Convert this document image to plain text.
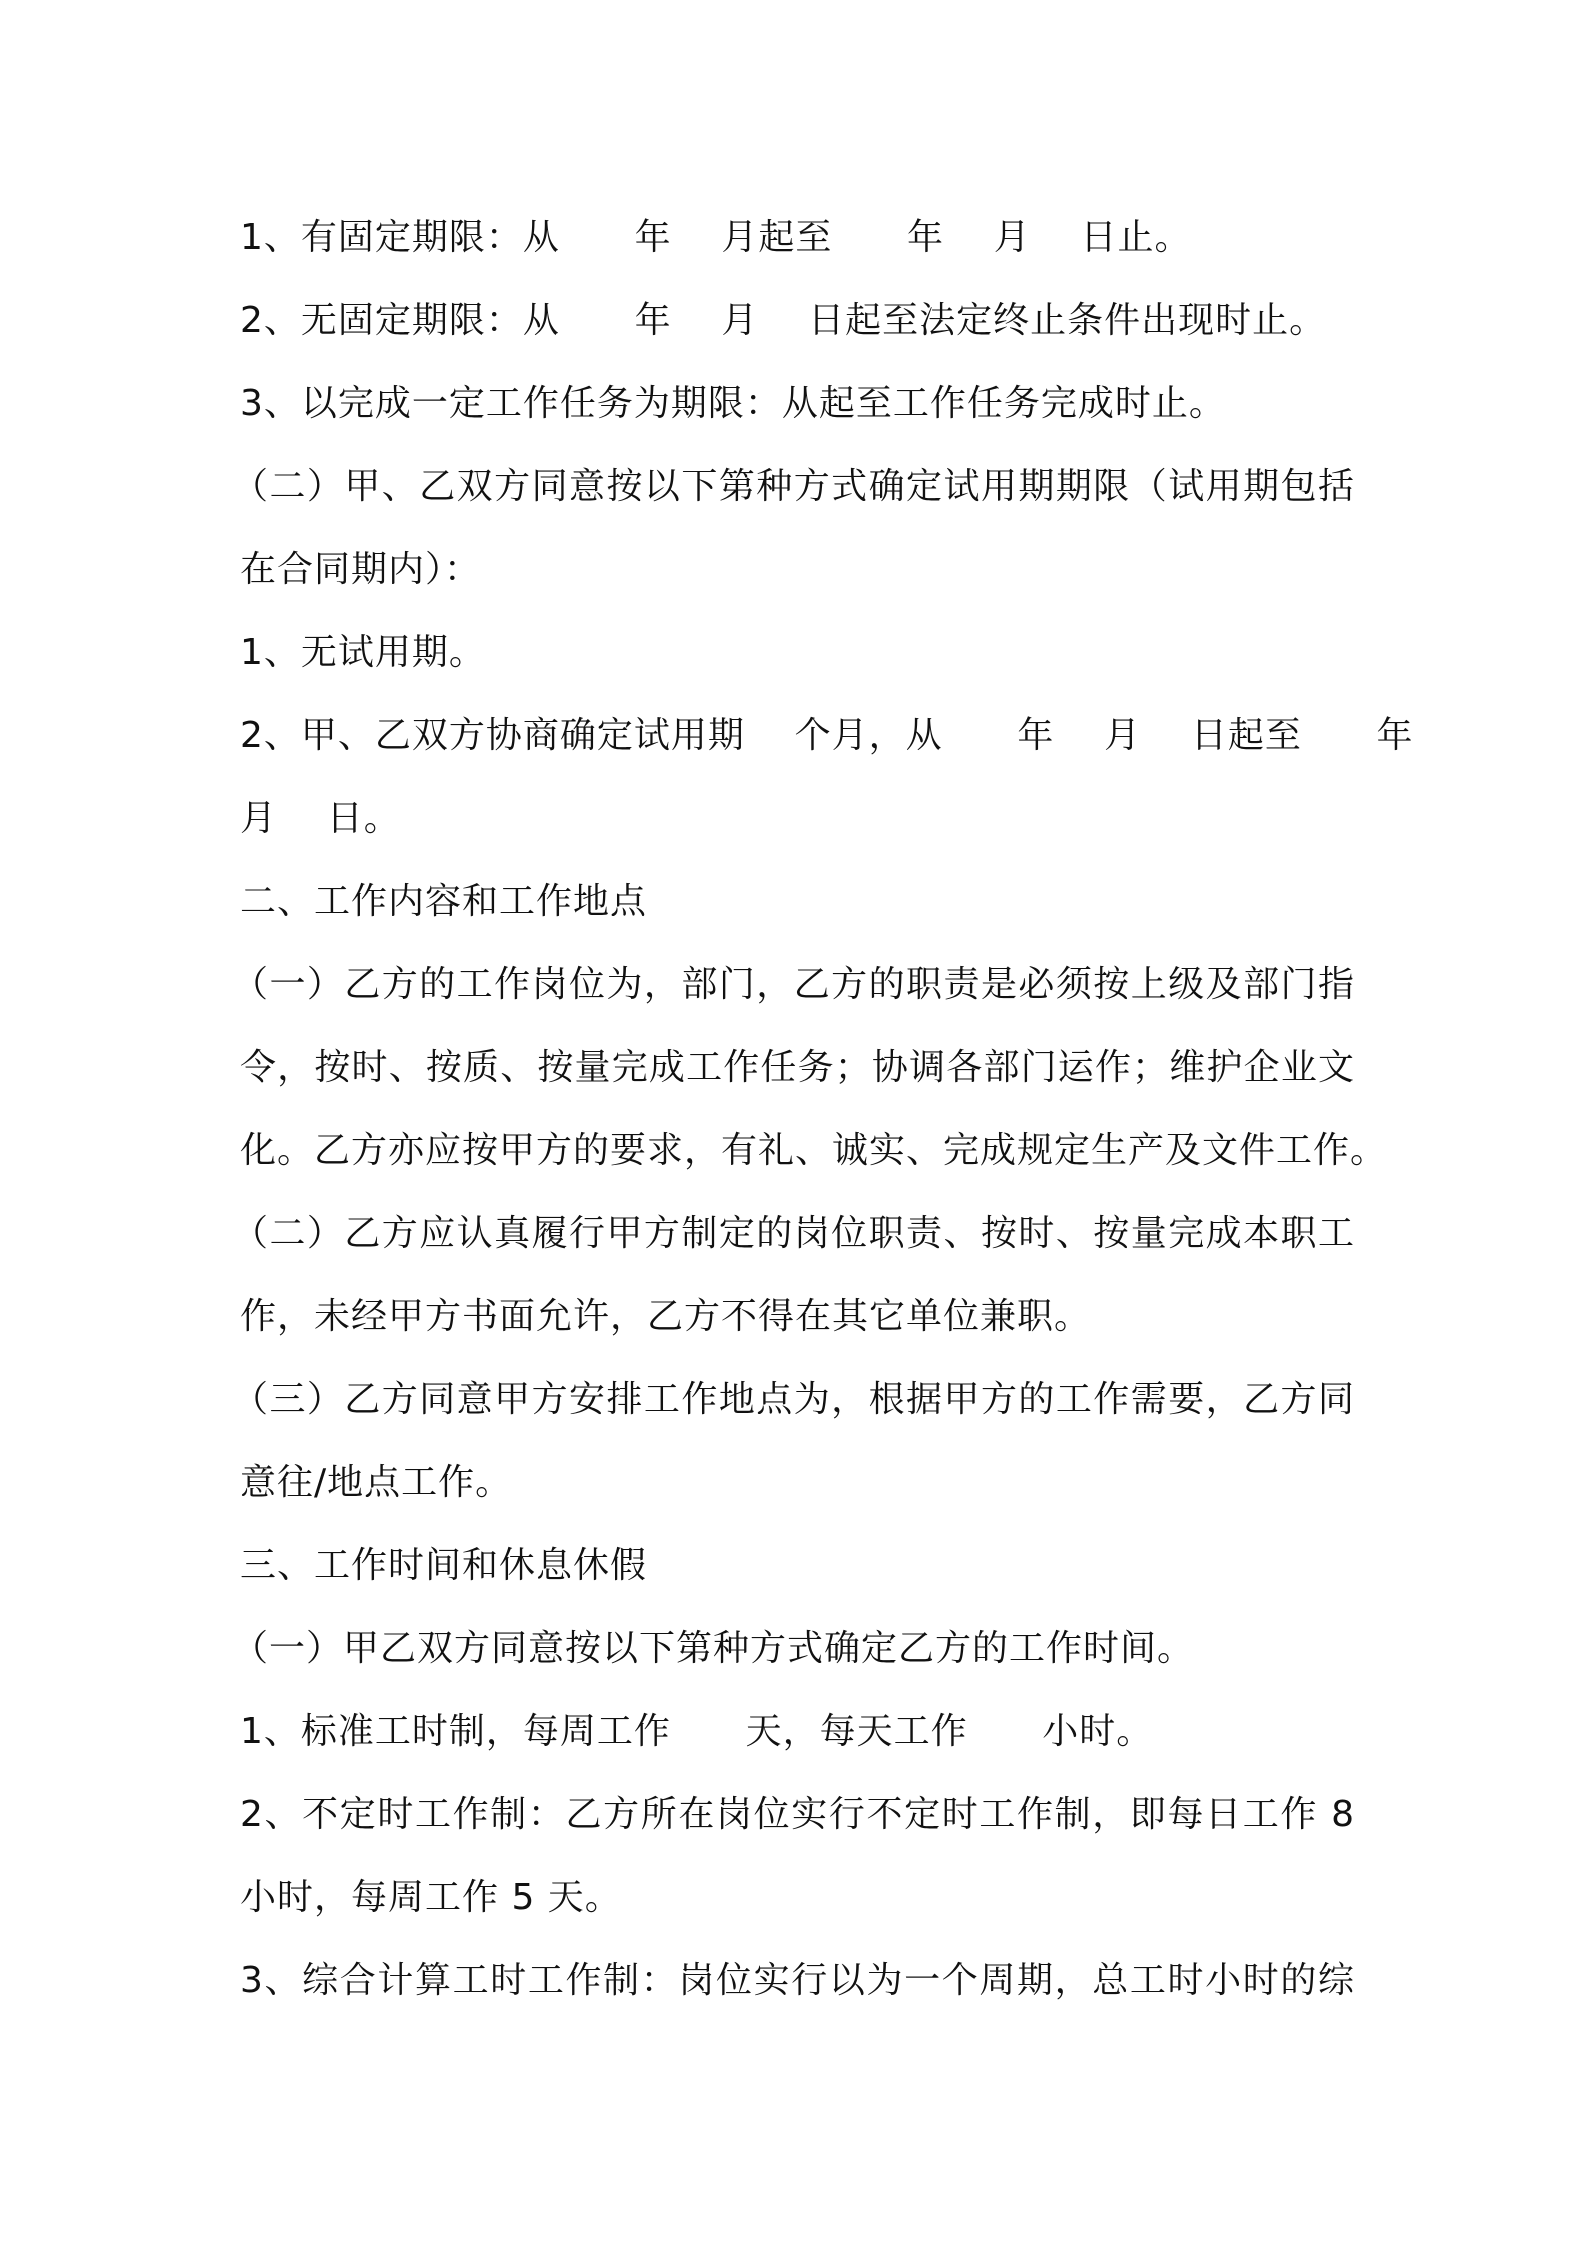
1、有固定期限：从      年    月起至      年    月    日止。
2、无固定期限：从      年    月    日起至法定终止条件出现时止。
3、以完成一定工作任务为期限：从起至工作任务完成时止。
（二）甲、乙双方同意按以下第种方式确定试用期期限（试用期包括
在合同期内）：
1、无试用期。
2、甲、乙双方协商确定试用期    个月，从      年    月    日起至      年
月    日。
二、工作内容和工作地点
（一）乙方的工作岗位为，部门，乙方的职责是必须按上级及部门指
令，按时、按质、按量完成工作任务；协调各部门运作；维护企业文
化。乙方亦应按甲方的要求，有礼、诚实、完成规定生产及文件工作。
（二）乙方应认真履行甲方制定的岗位职责、按时、按量完成本职工
作，未经甲方书面允许，乙方不得在其它单位兼职。
（三）乙方同意甲方安排工作地点为，根据甲方的工作需要，乙方同
意往/地点工作。
三、工作时间和休息休假
（一）甲乙双方同意按以下第种方式确定乙方的工作时间。
1、标准工时制，每周工作      天，每天工作      小时。
2、不定时工作制：乙方所在岗位实行不定时工作制，即每日工作 8
小时，每周工作 5 天。
3、综合计算工时工作制：岗位实行以为一个周期，总工时小时的综
